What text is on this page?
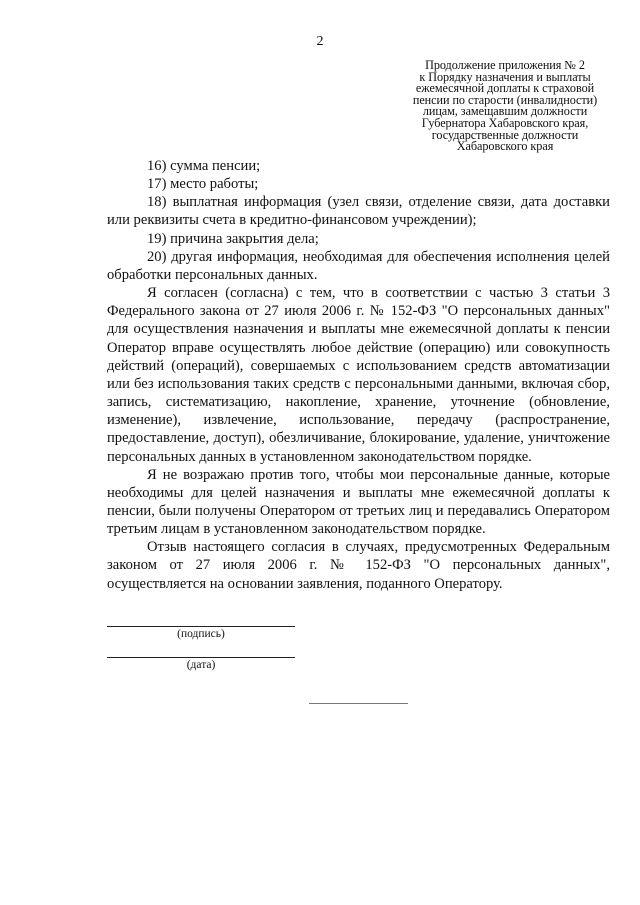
2
Продолжение приложения № 2
к Порядку назначения и выплаты
ежемесячной доплаты к страховой
пенсии по старости (инвалидности)
лицам, замещавшим должности
Губернатора Хабаровского края,
государственные должности
Хабаровского края

16) сумма пенсии;

17) место работы;

18) выплатная информация (узел связи, отделение связи, дата доставки или реквизиты счета в кредитно-финансовом учреждении);

19) причина закрытия дела;

20) другая информация, необходимая для обеспечения исполнения целей обработки персональных данных.

Я согласен (согласна) с тем, что в соответствии с частью 3 статьи 3 Федерального закона от 27 июля 2006 г. № 152-ФЗ "О персональных данных" для осуществления назначения и выплаты мне ежемесячной доплаты к пенсии Оператор вправе осуществлять любое действие (операцию) или совокупность действий (операций), совершаемых с использованием средств автоматизации или без использования таких средств с персональными данными, включая сбор, запись, систематизацию, накопление, хранение, уточнение (обновление, изменение), извлечение, использование, передачу (распространение, предоставление, доступ), обезличивание, блокирование, удаление, уничтожение персональных данных в установленном законодательством порядке.

Я не возражаю против того, чтобы мои персональные данные, которые необходимы для целей назначения и выплаты мне ежемесячной доплаты к пенсии, были получены Оператором от третьих лиц и передавались Оператором третьим лицам в установленном законодательством порядке.

Отзыв настоящего согласия в случаях, предусмотренных Федеральным законом от 27 июля 2006 г. № 152-ФЗ "О персональных данных", осуществляется на основании заявления, поданного Оператору.

(подпись)
(дата)
